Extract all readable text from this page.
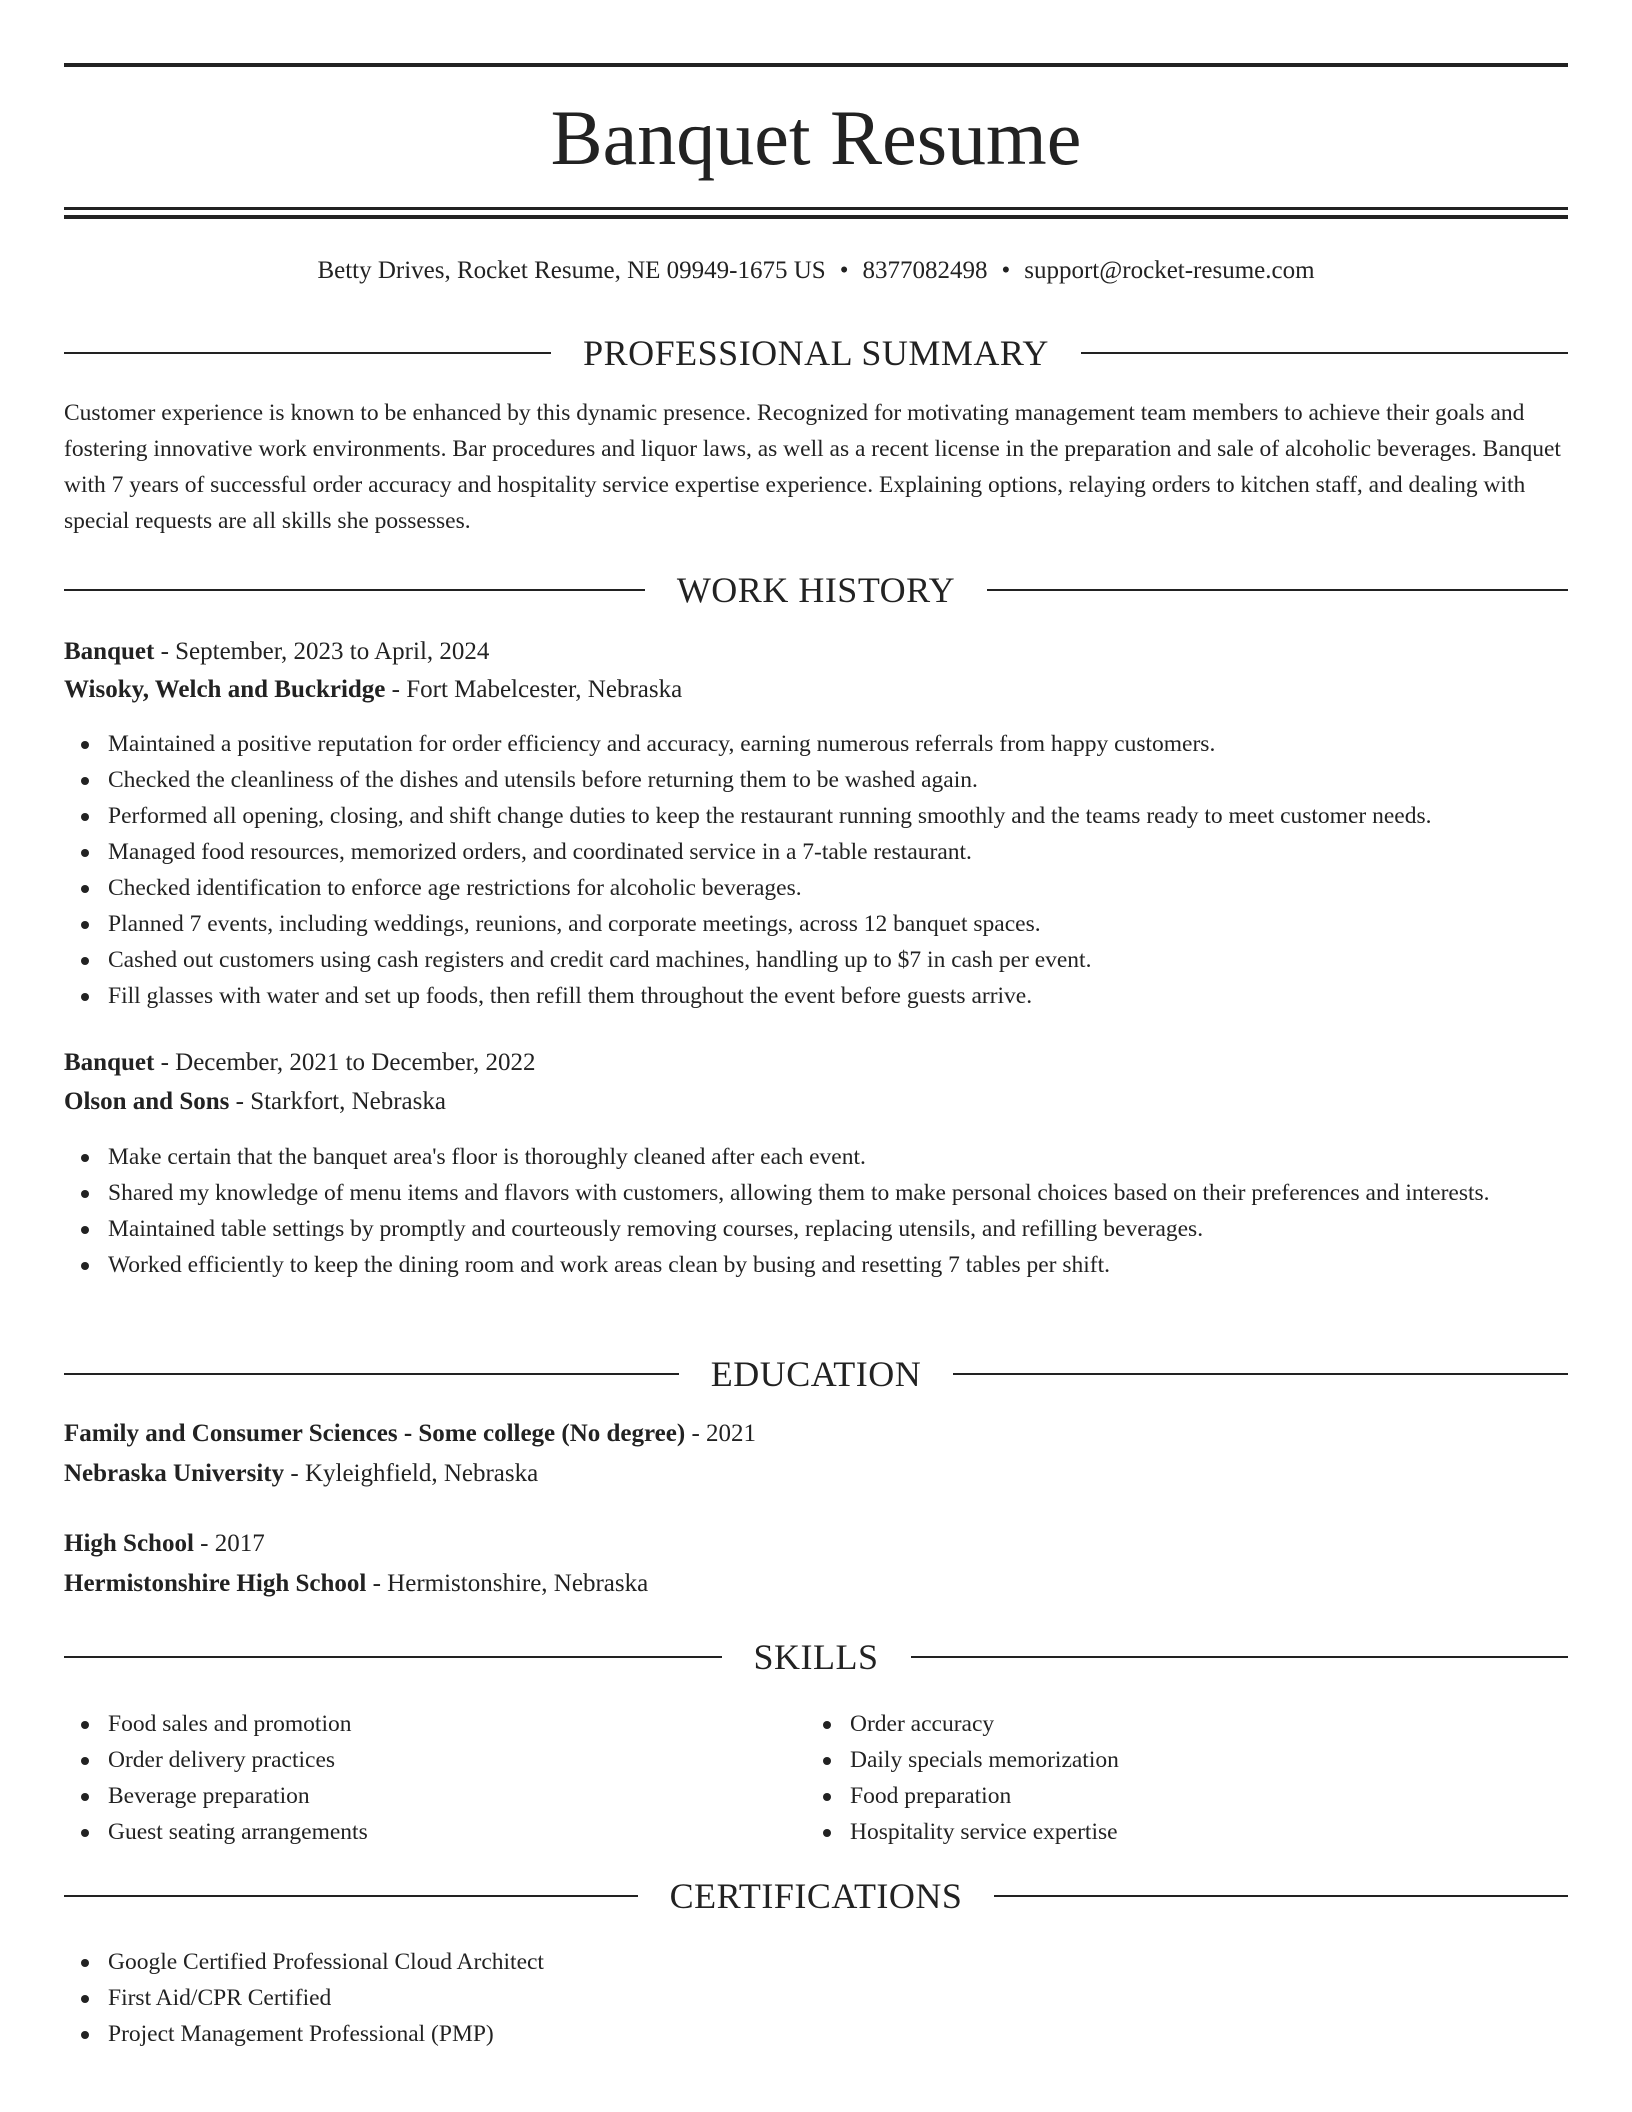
Banquet Resume
Betty Drives, Rocket Resume, NE 09949-1675 US • 8377082498 • support@rocket-resume.com
PROFESSIONAL SUMMARY
Customer experience is known to be enhanced by this dynamic presence. Recognized for motivating management team members to achieve their goals and fostering innovative work environments. Bar procedures and liquor laws, as well as a recent license in the preparation and sale of alcoholic beverages. Banquet with 7 years of successful order accuracy and hospitality service expertise experience. Explaining options, relaying orders to kitchen staff, and dealing with special requests are all skills she possesses.
WORK HISTORY
Banquet - September, 2023 to April, 2024
Wisoky, Welch and Buckridge - Fort Mabelcester, Nebraska
Maintained a positive reputation for order efficiency and accuracy, earning numerous referrals from happy customers.
Checked the cleanliness of the dishes and utensils before returning them to be washed again.
Performed all opening, closing, and shift change duties to keep the restaurant running smoothly and the teams ready to meet customer needs.
Managed food resources, memorized orders, and coordinated service in a 7-table restaurant.
Checked identification to enforce age restrictions for alcoholic beverages.
Planned 7 events, including weddings, reunions, and corporate meetings, across 12 banquet spaces.
Cashed out customers using cash registers and credit card machines, handling up to $7 in cash per event.
Fill glasses with water and set up foods, then refill them throughout the event before guests arrive.
Banquet - December, 2021 to December, 2022
Olson and Sons - Starkfort, Nebraska
Make certain that the banquet area's floor is thoroughly cleaned after each event.
Shared my knowledge of menu items and flavors with customers, allowing them to make personal choices based on their preferences and interests.
Maintained table settings by promptly and courteously removing courses, replacing utensils, and refilling beverages.
Worked efficiently to keep the dining room and work areas clean by busing and resetting 7 tables per shift.
EDUCATION
Family and Consumer Sciences - Some college (No degree) - 2021
Nebraska University - Kyleighfield, Nebraska
High School - 2017
Hermistonshire High School - Hermistonshire, Nebraska
SKILLS
Food sales and promotion
Order delivery practices
Beverage preparation
Guest seating arrangements
Order accuracy
Daily specials memorization
Food preparation
Hospitality service expertise
CERTIFICATIONS
Google Certified Professional Cloud Architect
First Aid/CPR Certified
Project Management Professional (PMP)
